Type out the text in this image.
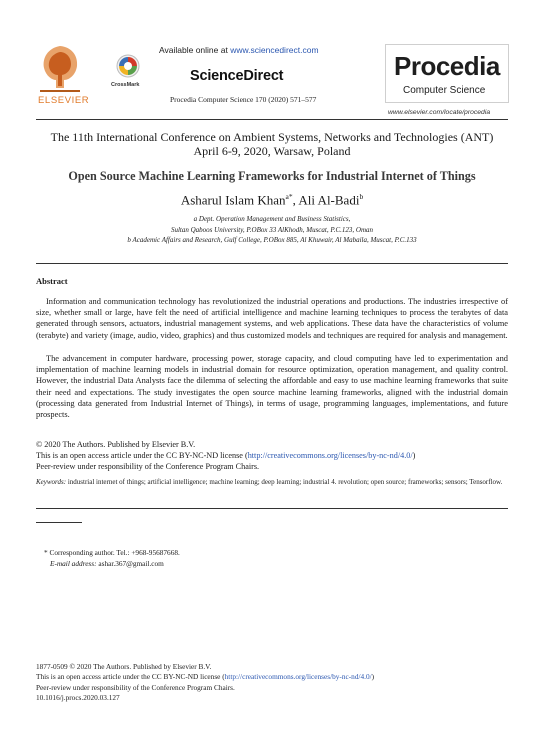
ELSEVIER
Available online at www.sciencedirect.com
CrossMark
ScienceDirect
Procedia Computer Science 170 (2020) 571–577
Procedia
Computer Science
www.elsevier.com/locate/procedia
The 11th International Conference on Ambient Systems, Networks and Technologies (ANT)
April 6-9, 2020, Warsaw, Poland
Open Source Machine Learning Frameworks for Industrial Internet of Things
Asharul Islam Khan$^{a*}$, Ali Al-Badi$^b$
a Dept. Operation Management and Business Statistics,
Sultan Qaboos University, P.OBox 33 AlKhodh, Muscat, P.C.123, Oman
b Academic Affairs and Research, Gulf College, P.OBox 885, Al Khuwair, Al Mabaila, Muscat, P.C.133
Abstract
Information and communication technology has revolutionized the industrial operations and productions. The industries irrespective of size, whether small or large, have felt the need of artificial intelligence and machine learning techniques to process the terabytes of data generated through sensors, actuators, industrial management systems, and web applications. These data have the characteristics of volume (terabyte) and variety (image, audio, video, graphics) and thus customized models and techniques are required for analysis and management.
The advancement in computer hardware, processing power, storage capacity, and cloud computing have led to experimentation and implementation of machine learning models in industrial domain for resource optimization, operation management, and quality control. However, the industrial Data Analysts face the dilemma of selecting the affordable and easy to use machine learning frameworks that suite their need and expectations. The study investigates the open source machine learning frameworks, aligned with the industrial domain (processing data generated from Industrial Internet of Things), in terms of usage, programming languages, implementations, and future prospects.
© 2020 The Authors. Published by Elsevier B.V.
This is an open access article under the CC BY-NC-ND license (http://creativecommons.org/licenses/by-nc-nd/4.0/)
Peer-review under responsibility of the Conference Program Chairs.
Keywords: industrial internet of things; artificial intelligence; machine learning; deep learning; industrial 4. revolution; open source; frameworks; sensors; Tensorflow.
* Corresponding author. Tel.: +968-95687668.
E-mail address: ashar.367@gmail.com
1877-0509 © 2020 The Authors. Published by Elsevier B.V.
This is an open access article under the CC BY-NC-ND license (http://creativecommons.org/licenses/by-nc-nd/4.0/)
Peer-review under responsibility of the Conference Program Chairs.
10.1016/j.procs.2020.03.127
